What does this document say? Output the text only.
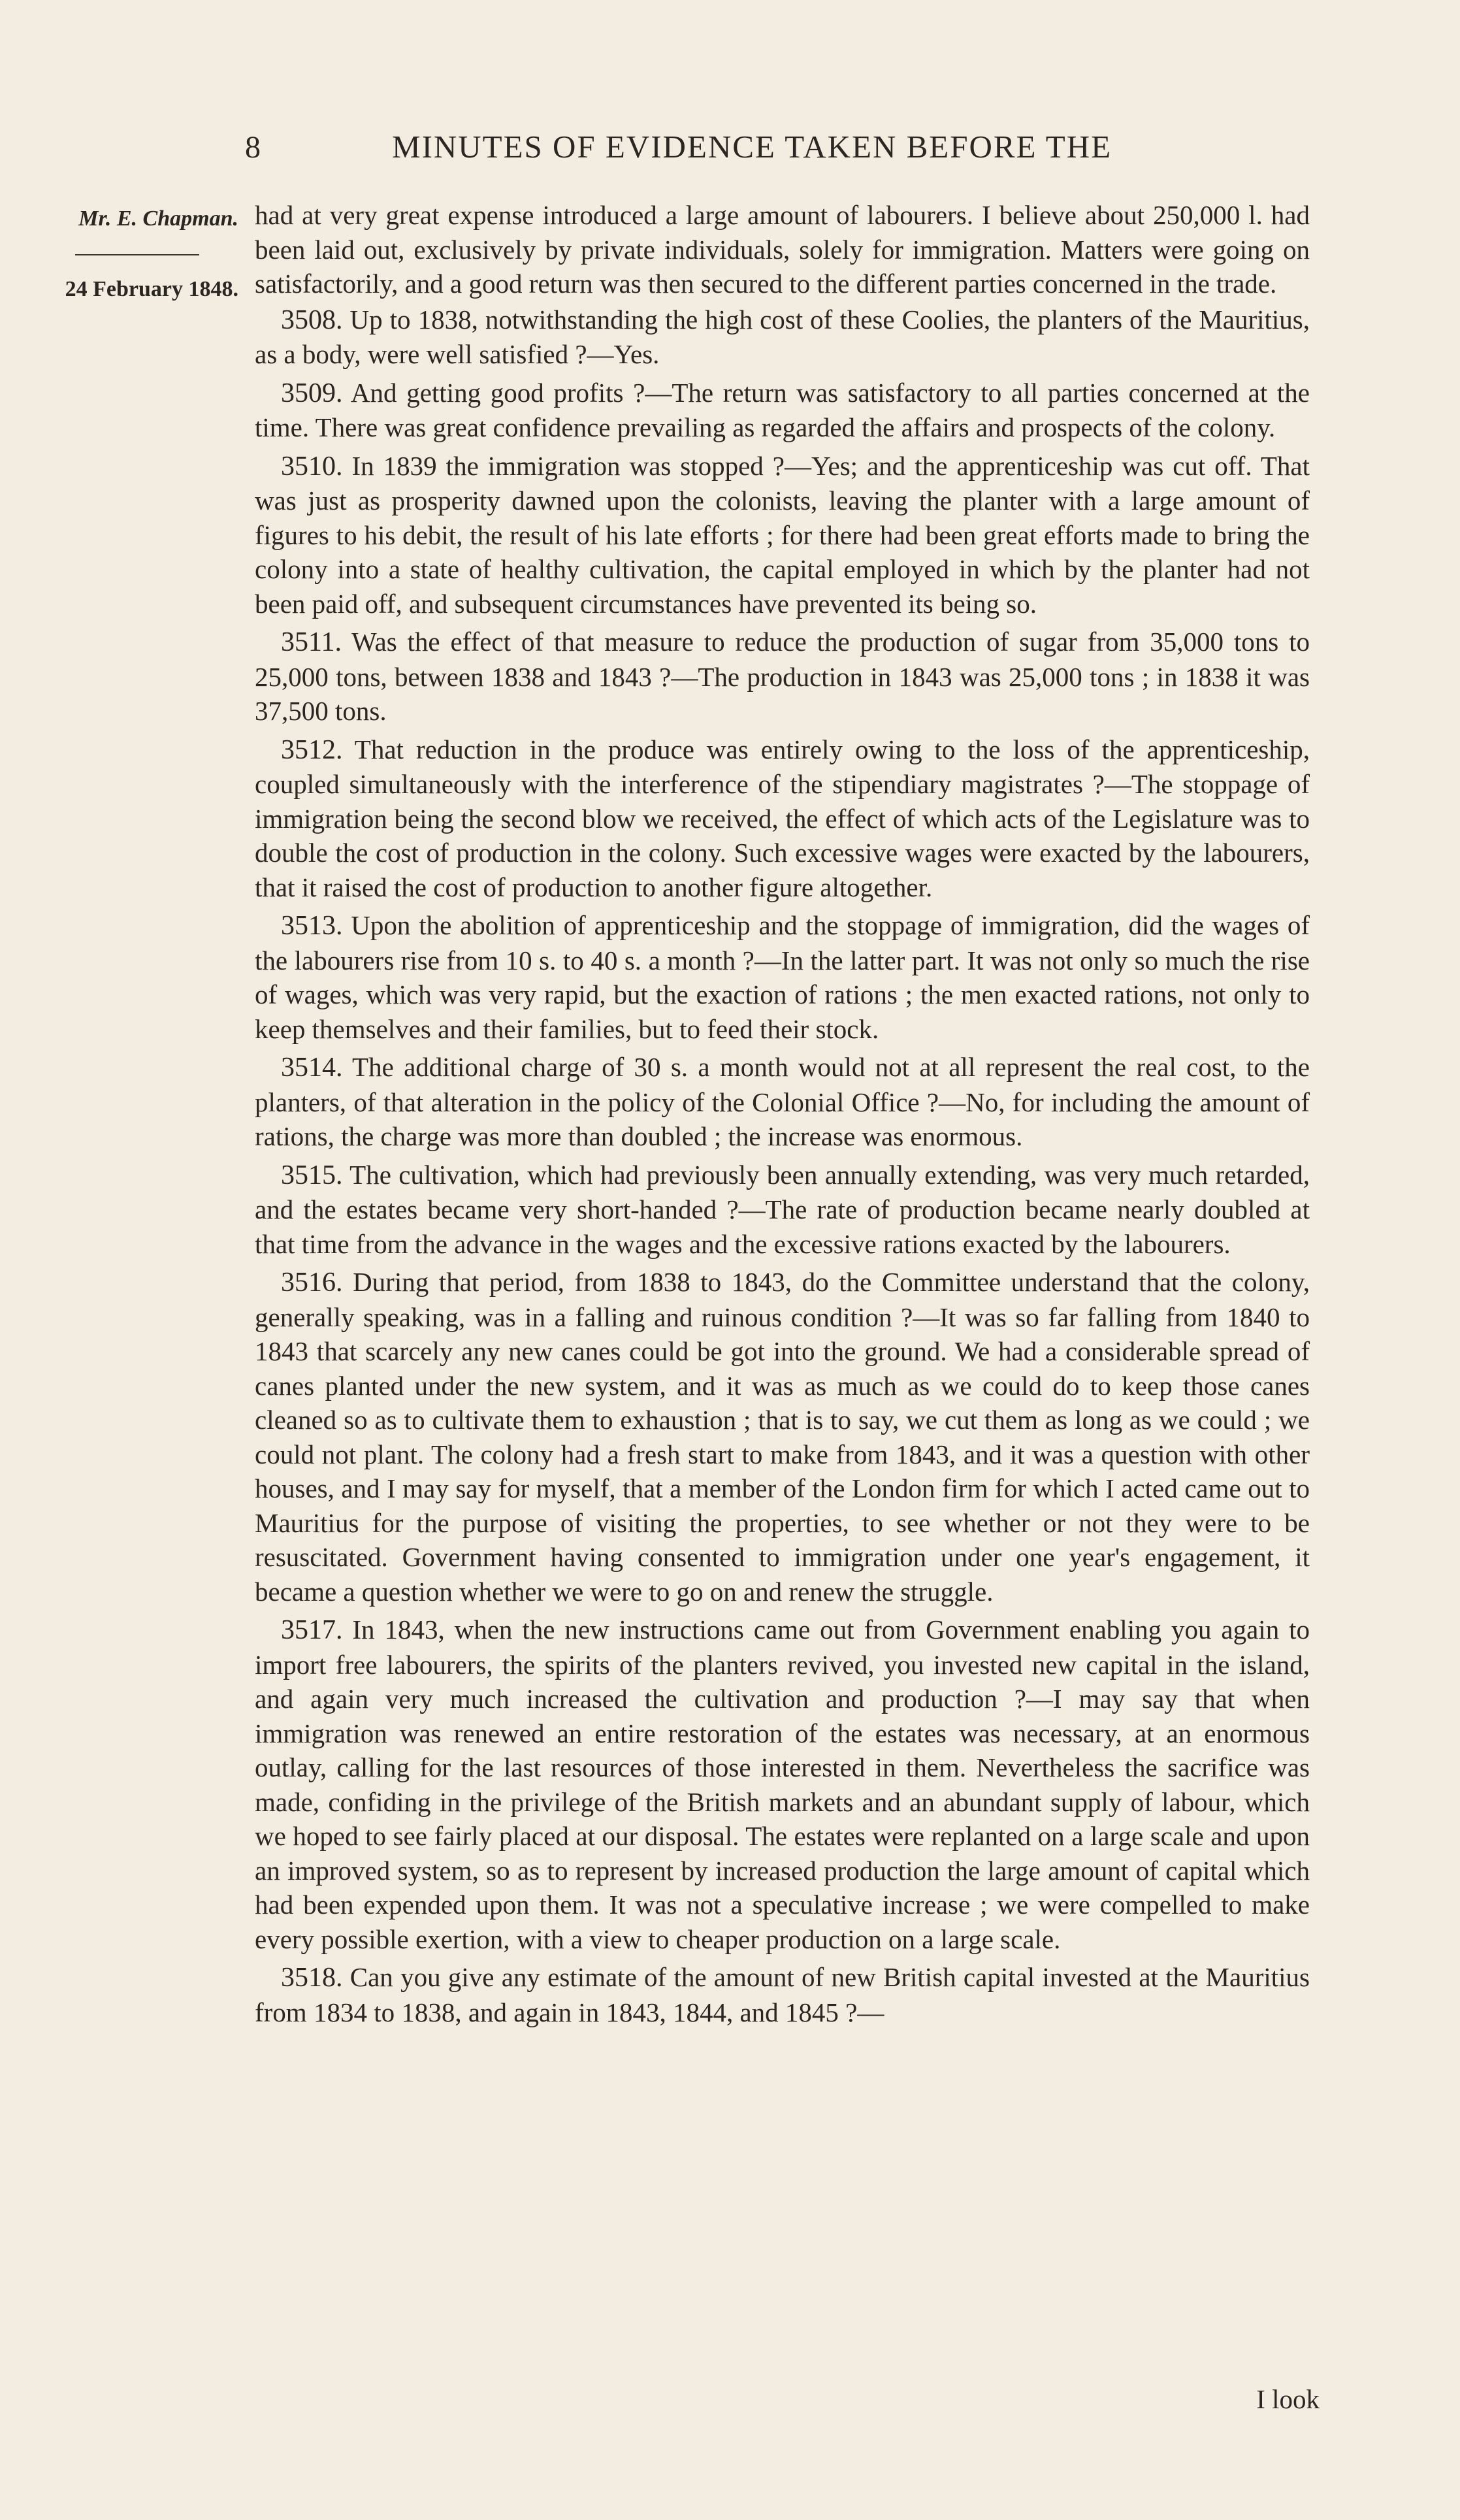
8	MINUTES OF EVIDENCE TAKEN BEFORE THE
Mr. E. Chapman.
24 February 1848.

had at very great expense introduced a large amount of labourers. I believe about 250,000 l. had been laid out, exclusively by private individuals, solely for immigration. Matters were going on satisfactorily, and a good return was then secured to the different parties concerned in the trade.

3508. Up to 1838, notwithstanding the high cost of these Coolies, the planters of the Mauritius, as a body, were well satisfied ?—Yes.

3509. And getting good profits ?—The return was satisfactory to all parties concerned at the time. There was great confidence prevailing as regarded the affairs and prospects of the colony.

3510. In 1839 the immigration was stopped ?—Yes; and the apprenticeship was cut off. That was just as prosperity dawned upon the colonists, leaving the planter with a large amount of figures to his debit, the result of his late efforts ; for there had been great efforts made to bring the colony into a state of healthy cultivation, the capital employed in which by the planter had not been paid off, and subsequent circumstances have prevented its being so.

3511. Was the effect of that measure to reduce the production of sugar from 35,000 tons to 25,000 tons, between 1838 and 1843 ?—The production in 1843 was 25,000 tons ; in 1838 it was 37,500 tons.

3512. That reduction in the produce was entirely owing to the loss of the apprenticeship, coupled simultaneously with the interference of the stipendiary magistrates ?—The stoppage of immigration being the second blow we received, the effect of which acts of the Legislature was to double the cost of production in the colony. Such excessive wages were exacted by the labourers, that it raised the cost of production to another figure altogether.

3513. Upon the abolition of apprenticeship and the stoppage of immigration, did the wages of the labourers rise from 10 s. to 40 s. a month ?—In the latter part. It was not only so much the rise of wages, which was very rapid, but the exaction of rations ; the men exacted rations, not only to keep themselves and their families, but to feed their stock.

3514. The additional charge of 30 s. a month would not at all represent the real cost, to the planters, of that alteration in the policy of the Colonial Office ?—No, for including the amount of rations, the charge was more than doubled ; the increase was enormous.

3515. The cultivation, which had previously been annually extending, was very much retarded, and the estates became very short-handed ?—The rate of production became nearly doubled at that time from the advance in the wages and the excessive rations exacted by the labourers.

3516. During that period, from 1838 to 1843, do the Committee understand that the colony, generally speaking, was in a falling and ruinous condition ?—It was so far falling from 1840 to 1843 that scarcely any new canes could be got into the ground. We had a considerable spread of canes planted under the new system, and it was as much as we could do to keep those canes cleaned so as to cultivate them to exhaustion ; that is to say, we cut them as long as we could ; we could not plant. The colony had a fresh start to make from 1843, and it was a question with other houses, and I may say for myself, that a member of the London firm for which I acted came out to Mauritius for the purpose of visiting the properties, to see whether or not they were to be resuscitated. Government having consented to immigration under one year's engagement, it became a question whether we were to go on and renew the struggle.

3517. In 1843, when the new instructions came out from Government enabling you again to import free labourers, the spirits of the planters revived, you invested new capital in the island, and again very much increased the cultivation and production ?—I may say that when immigration was renewed an entire restoration of the estates was necessary, at an enormous outlay, calling for the last resources of those interested in them. Nevertheless the sacrifice was made, confiding in the privilege of the British markets and an abundant supply of labour, which we hoped to see fairly placed at our disposal. The estates were replanted on a large scale and upon an improved system, so as to represent by increased production the large amount of capital which had been expended upon them. It was not a speculative increase ; we were compelled to make every possible exertion, with a view to cheaper production on a large scale.

3518. Can you give any estimate of the amount of new British capital invested at the Mauritius from 1834 to 1838, and again in 1843, 1844, and 1845 ?—

I look
